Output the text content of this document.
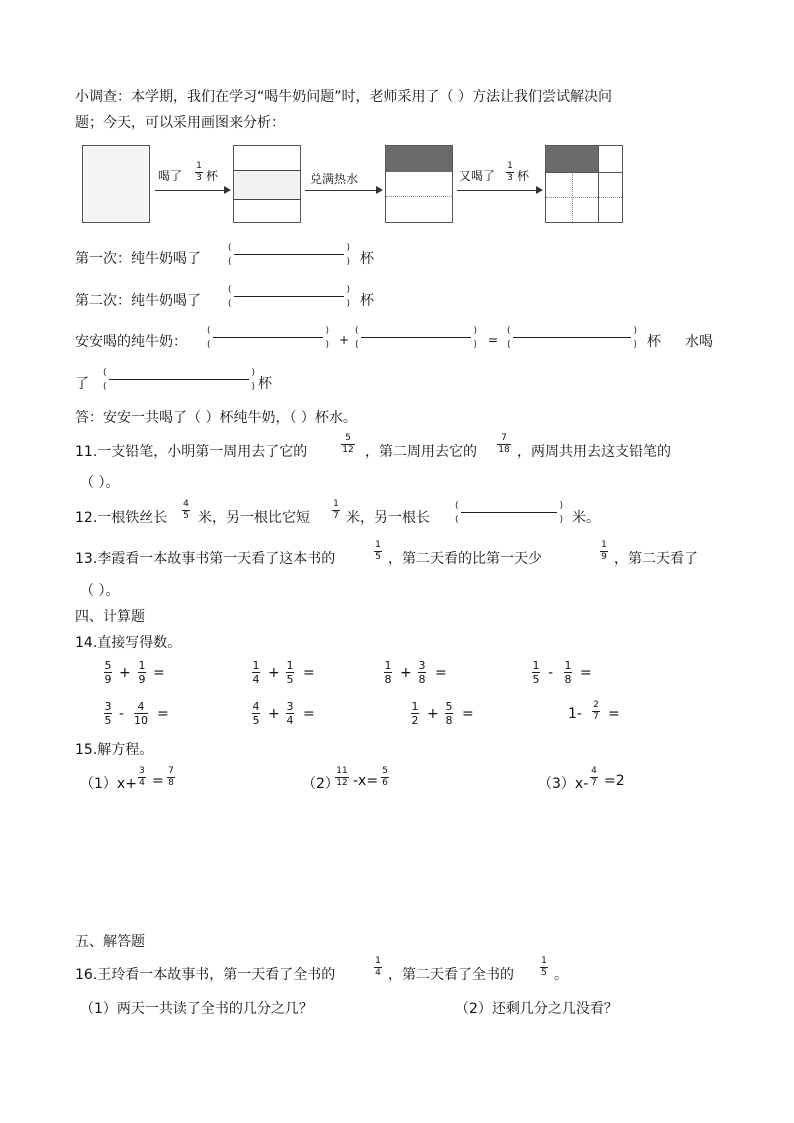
小调查：本学期，我们在学习“喝牛奶问题”时，老师采用了（ ）方法让我们尝试解决问
题；今天，可以采用画图来分析：
喝了
1
3 杯	兑满热水	又喝了
1
3 杯
第一次：纯牛奶喝了
(	)
(	) 杯
第二次：纯牛奶喝了
(	)
(	) 杯
安安喝的纯牛奶：
(	)
(	) +
(	)
(	) =
(	)
(	) 杯 水喝
了
(	)
(	) 杯
答：安安一共喝了（ ）杯纯牛奶，（ ）杯水。
11.一支铅笔，小明第一周用去了它的
5
12 ，第二周用去它的
7
18 ，两周共用去这支铅笔的
（ ）。
12.一根铁丝长
4
5 米，另一根比它短
1
7 米，另一根长
(	)
(	) 米。
13.李霞看一本故事书第一天看了这本书的
1
5 ，第二天看的比第一天少
1
9 ，第二天看了
（ ）。
四、计算题
14.直接写得数。
5
9 + 1
9 =	1
4 + 1
5 =	1
8 + 3
8 =	1
5 - 1
8 =
3
5 -	4
10 =	4
5 + 3
4 =	1
2 + 5
8 =	1-
2
7 =
15.解方程。
（1）x+
3
4 =
7
8	（2）
11
12 -x=
5
6	（3）x-
4
7 =2
五、解答题
16.王玲看一本故事书，第一天看了全书的
1
4 ，第二天看了全书的
1
5 。
（1）两天一共读了全书的几分之几？	（2）还剩几分之几没看？
